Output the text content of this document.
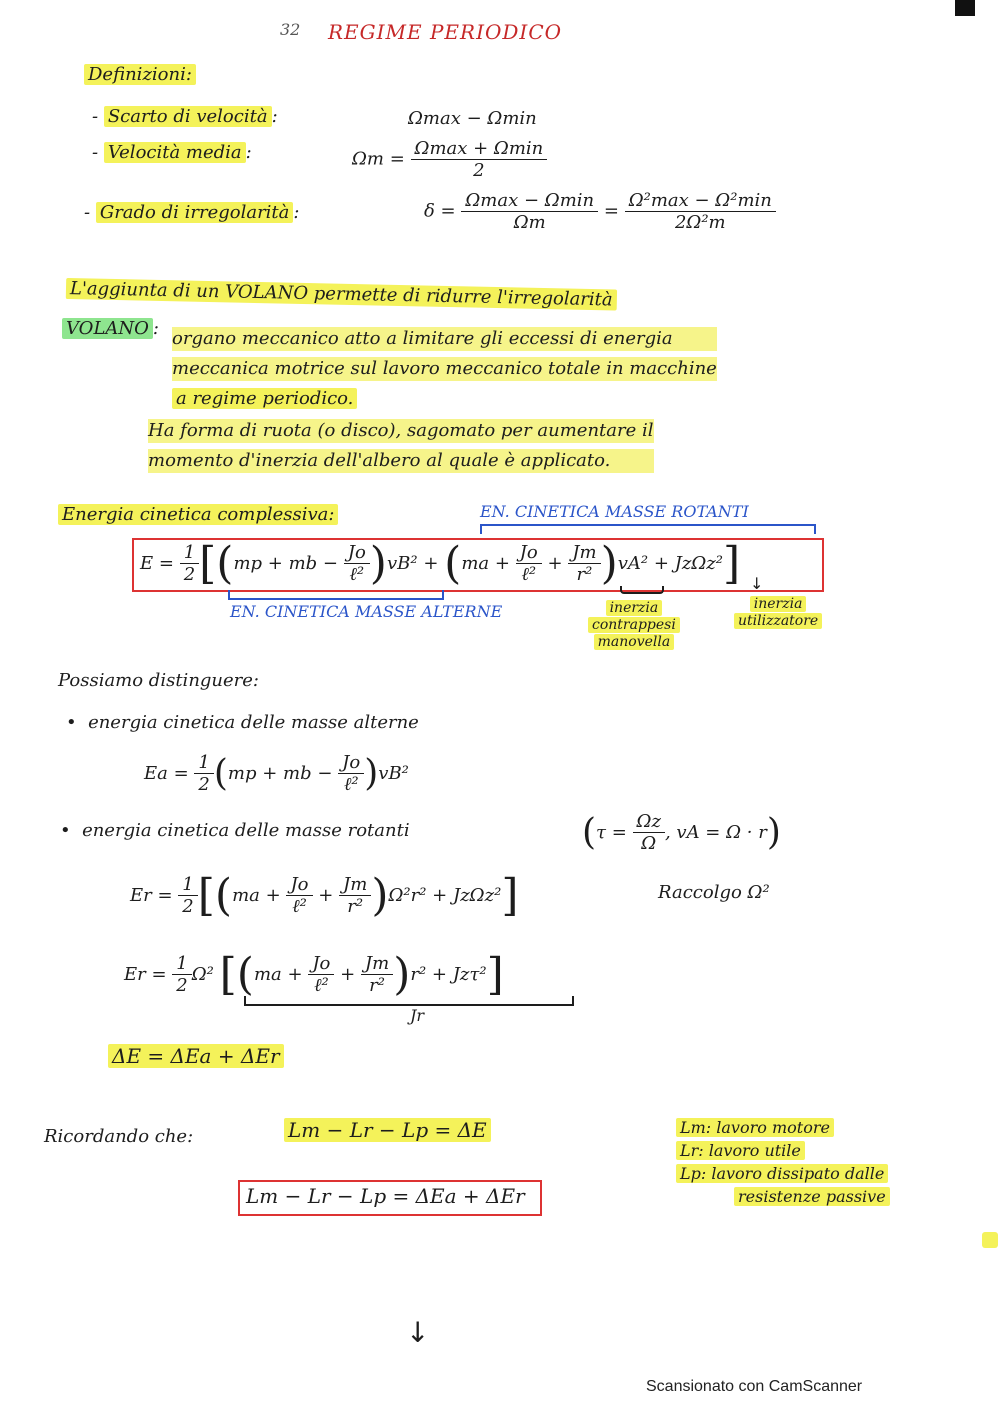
32 REGIME PERIODICO
Definizioni:
- Scarto di velocità :	Ωmax − Ωmin
- Velocità media :	$\Omega m = \frac{\Omega\max + \Omega\min}{2}$
- Grado di irregolarità :	$\delta = \frac{\Omega\max - \Omega\min}{\Omega m} = \frac{\text{Ω²max − Ω²min}}{\text{2Ω²m}}$
L'aggiunta di un VOLANO permette di ridurre l'irregolarità
VOLANO : organo meccanico atto a limitare gli eccessi di energia
meccanica motrice sul lavoro meccanico totale in macchine
a regime periodico.
Ha forma di ruota (o disco), sagomato per aumentare il
momento d'inerzia dell'albero al quale è applicato.
Energia cinetica complessiva:	EN. CINETICA MASSE ROTANTI
E =
$\frac{1}{2}$ [( mp + mb −
$\frac{Jo}{\text{ℓ²}}$ ) vB²
+
( ma +
$\frac{Jo}{\text{ℓ²}} + \frac{Jm}{\text{r²}}$ ) vA²
+ JzΩz² ]
EN. CINETICA MASSE ALTERNE	inerzia
contrappesi
manovella
↓
inerzia
utilizzatore
Possiamo distinguere:
•  energia cinetica delle masse alterne
Ea =
$\frac{1}{2}$ ( mp + mb −
$\frac{Jo}{\text{ℓ²}}$ ) vB²
•  energia cinetica delle masse rotanti	( τ =
$\frac{\Omega z}{\Omega}$ , vA = Ω · r )
Er =
$\frac{1}{2}$ [( ma +
$\frac{Jo}{\text{ℓ²}} + \frac{Jm}{\text{r²}}$ ) Ω²r² + JzΩz² ]	Raccolgo Ω²
Er =
$\frac{1}{2} \Omega^2$
[( ma +
$\frac{Jo}{\text{ℓ²}} + \frac{Jm}{\text{r²}}$ ) r² + Jzτ² ]
Jr
ΔE = ΔEa + ΔEr
Ricordando che:	Lm − Lr − Lp = ΔE
Lm − Lr − Lp = ΔEa + ΔEr
Lm: lavoro motore
Lr: lavoro utile
Lp: lavoro dissipato dalle
resistenze passive
↓
Scansionato con CamScanner
